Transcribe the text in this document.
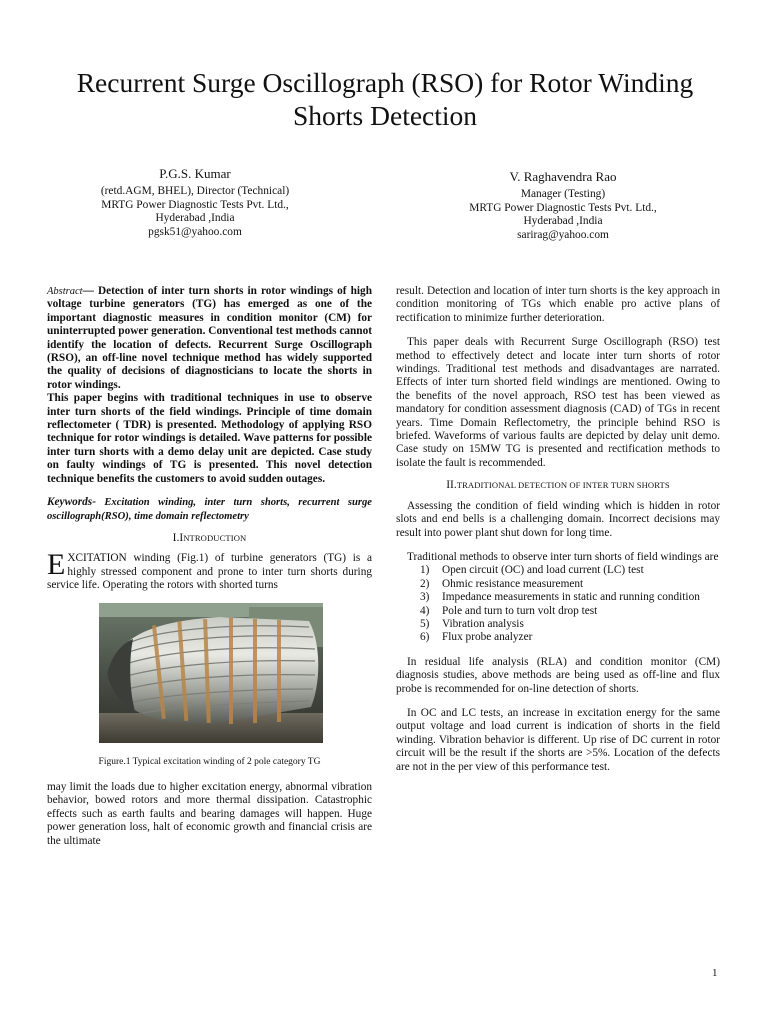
Recurrent Surge Oscillograph (RSO) for Rotor Winding Shorts Detection
P.G.S. Kumar
(retd.AGM, BHEL), Director (Technical)
MRTG Power Diagnostic Tests Pvt. Ltd.,
Hyderabad ,India
pgsk51@yahoo.com
V. Raghavendra Rao
Manager (Testing)
MRTG Power Diagnostic Tests Pvt. Ltd.,
Hyderabad ,India
sarirag@yahoo.com

Abstract— Detection of inter turn shorts in rotor windings of high voltage turbine generators (TG) has emerged as one of the important diagnostic measures in condition monitor (CM) for uninterrupted power generation. Conventional test methods cannot identify the location of defects. Recurrent Surge Oscillograph (RSO), an off-line novel technique method has widely supported the quality of decisions of diagnosticians to locate the shorts in rotor windings.

This paper begins with traditional techniques in use to observe inter turn shorts of the field windings. Principle of time domain reflectometer ( TDR) is presented. Methodology of applying RSO technique for rotor windings is detailed. Wave patterns for possible inter turn shorts with a demo delay unit are depicted. Case study on faulty windings of TG is presented. This novel detection technique benefits the customers to avoid sudden outages.

Keywords- Excitation winding, inter turn shorts, recurrent surge oscillograph(RSO), time domain reflectometry

I.INTRODUCTION

EXCITATION winding (Fig.1) of turbine generators (TG) is a highly stressed component and prone to inter turn shorts during service life. Operating the rotors with shorted turns

Figure.1 Typical excitation winding of 2 pole category TG

may limit the loads due to higher excitation energy, abnormal vibration behavior, bowed rotors and more thermal dissipation. Catastrophic effects such as earth faults and bearing damages will happen. Huge power generation loss, halt of economic growth and financial crisis are the ultimate

result. Detection and location of inter turn shorts is the key approach in condition monitoring of TGs which enable pro active plans of rectification to minimize further deterioration.

This paper deals with Recurrent Surge Oscillograph (RSO) test method to effectively detect and locate inter turn shorts of rotor windings. Traditional test methods and disadvantages are narrated. Effects of inter turn shorted field windings are mentioned. Owing to the benefits of the novel approach, RSO test has been viewed as mandatory for condition assessment diagnosis (CAD) of TGs in recent years. Time Domain Reflectometry, the principle behind RSO is briefed. Waveforms of various faults are depicted by delay unit demo. Case study on 15MW TG is presented and rectification methods to isolate the fault is recommended.

II.TRADITIONAL DETECTION OF INTER TURN SHORTS

Assessing the condition of field winding which is hidden in rotor slots and end bells is a challenging domain. Incorrect decisions may result into power plant shut down for long time.

Traditional methods to observe inter turn shorts of field windings are

1)	Open circuit (OC) and load current (LC) test
2)	Ohmic resistance measurement
3)	Impedance measurements in static and running condition
4)	Pole and turn to turn volt drop test
5)	Vibration analysis
6)	Flux probe analyzer

In residual life analysis (RLA) and condition monitor (CM) diagnosis studies, above methods are being used as off-line and flux probe is recommended for on-line detection of shorts.

In OC and LC tests, an increase in excitation energy for the same output voltage and load current is indication of shorts in the field winding. Vibration behavior is different. Up rise of DC current in rotor circuit will be the result if the shorts are >5%. Location of the defects are not in the per view of this performance test.

1
